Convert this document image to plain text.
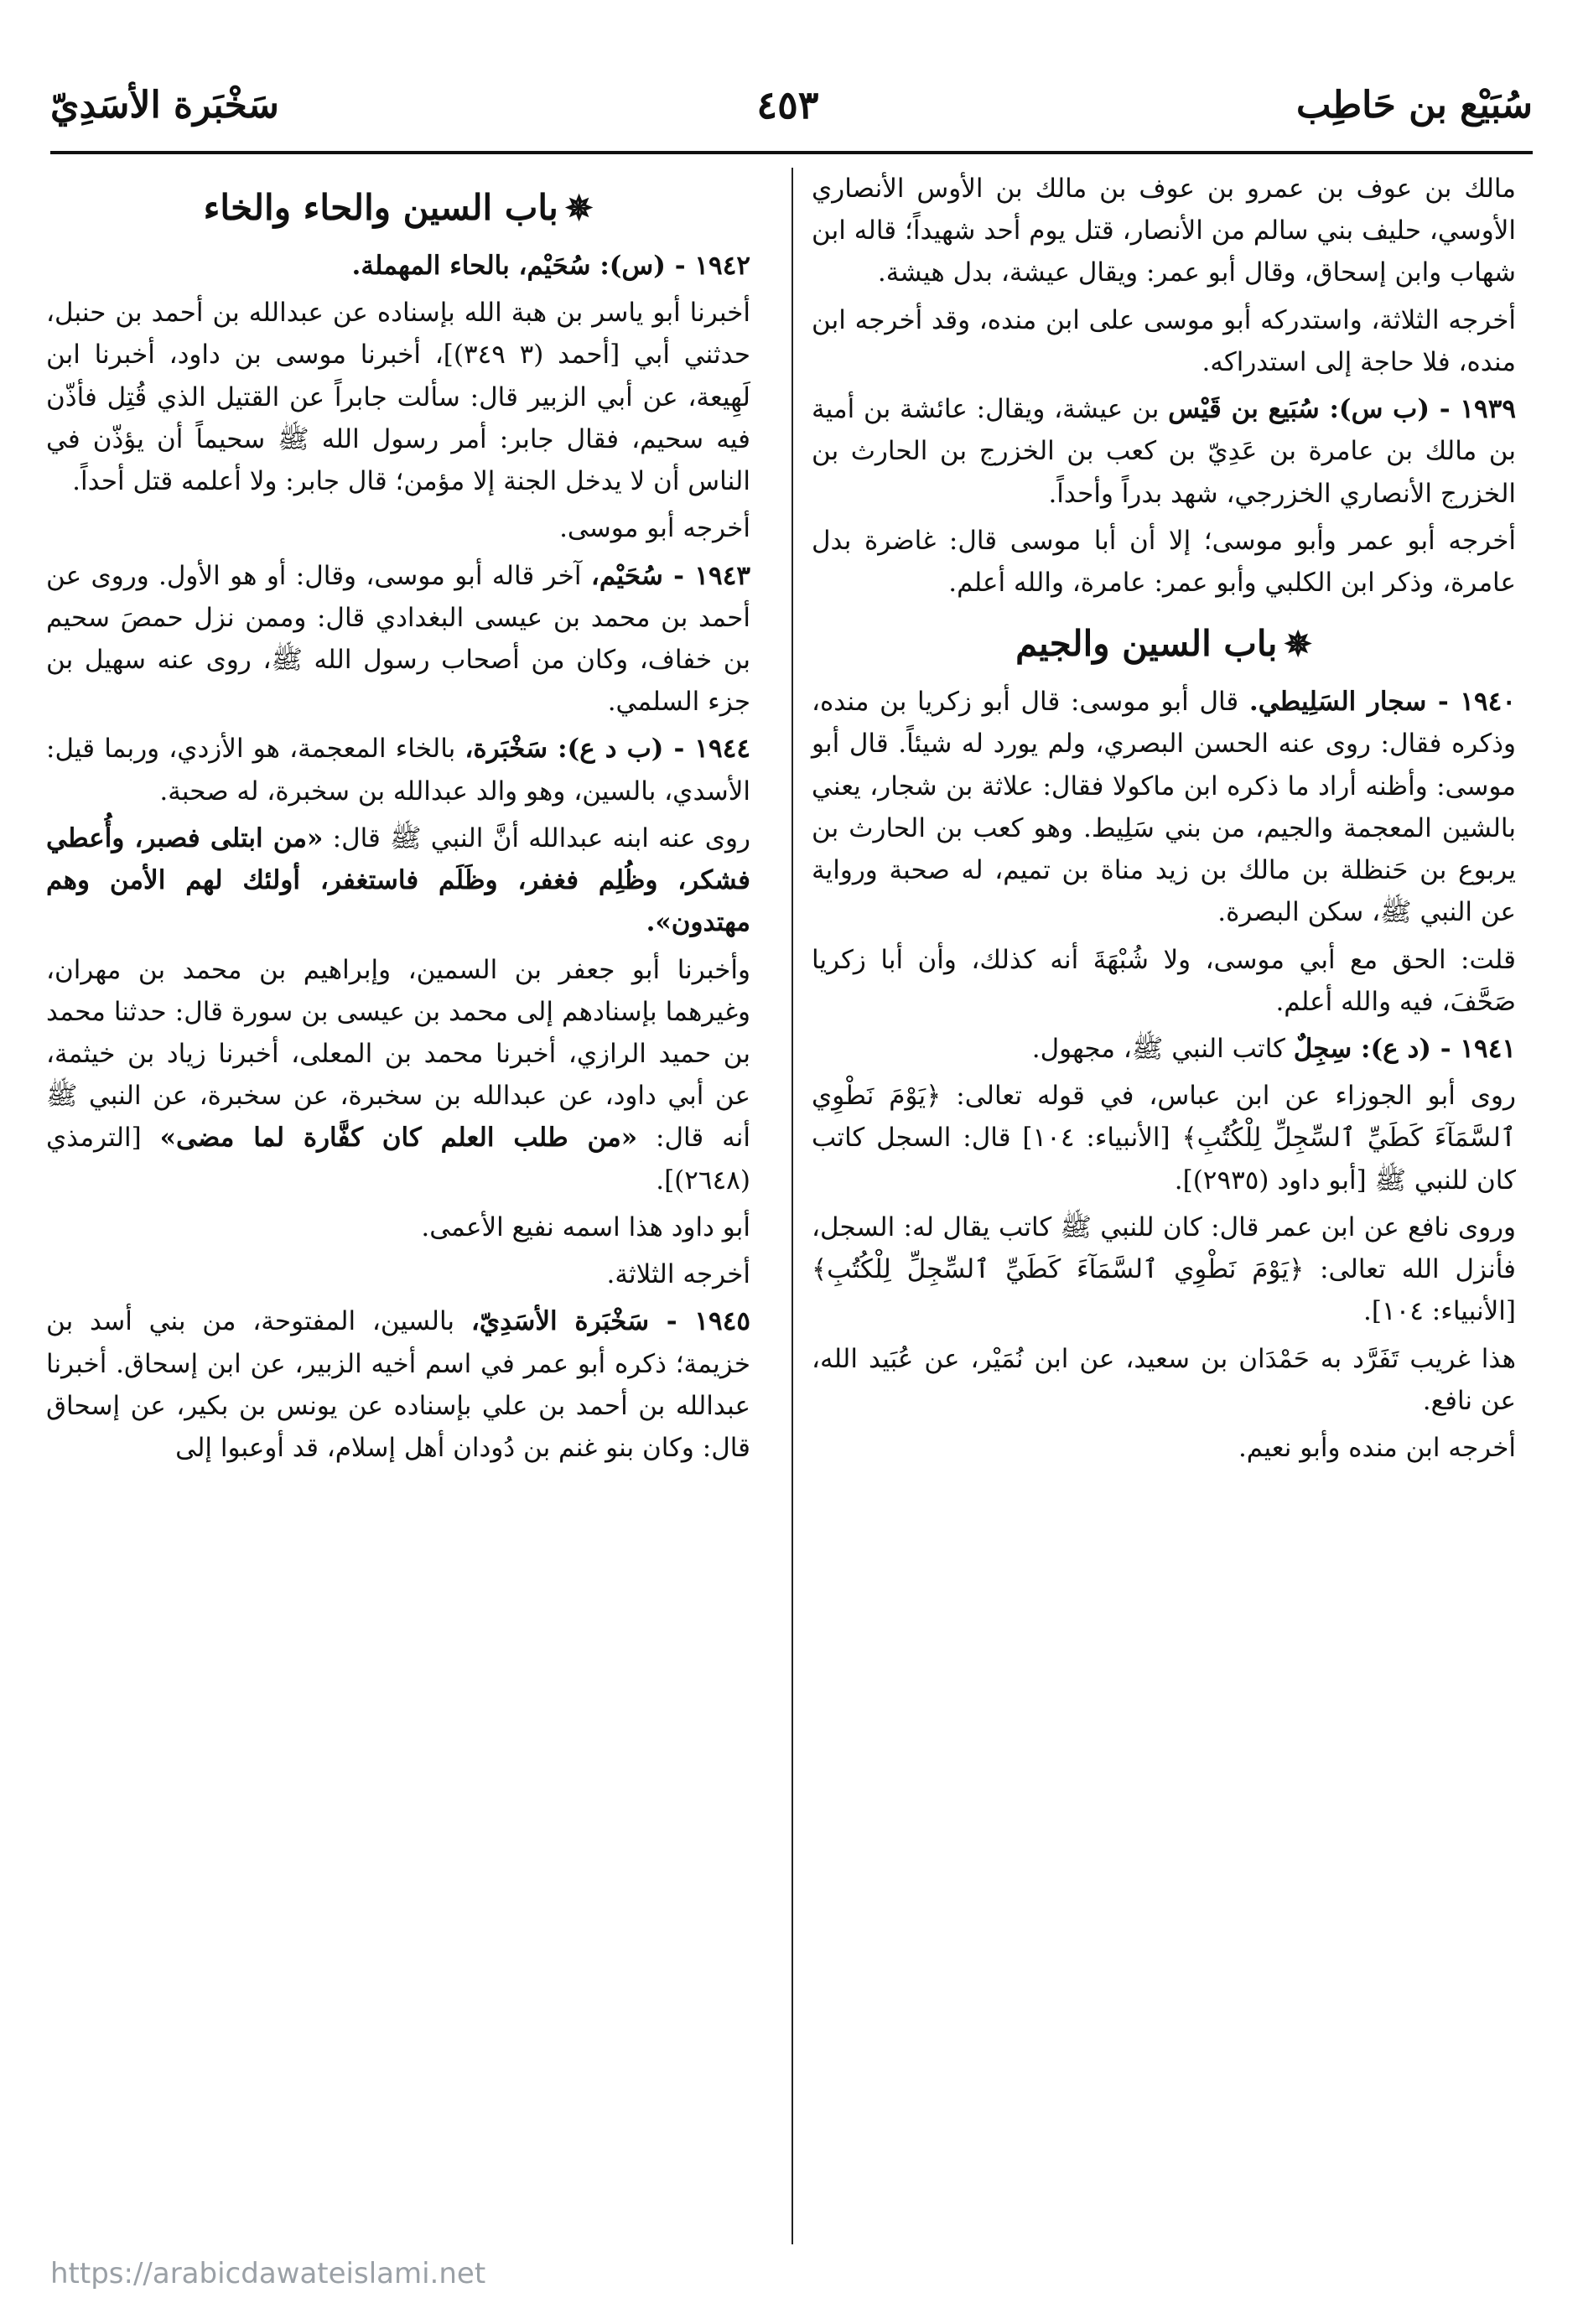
سُبَيْع بن حَاطِب
٤٥٣
سَخْبَرة الأسَدِيّ

مالك بن عوف بن عمرو بن عوف بن مالك بن الأوس الأنصاري الأوسي، حليف بني سالم من الأنصار، قتل يوم أحد شهيداً؛ قاله ابن شهاب وابن إسحاق، وقال أبو عمر: ويقال عيشة، بدل هيشة.

أخرجه الثلاثة، واستدركه أبو موسى على ابن منده، وقد أخرجه ابن منده، فلا حاجة إلى استدراكه.

١٩٣٩ - (ب س): سُبَيع بن قَيْس بن عيشة، ويقال: عائشة بن أمية بن مالك بن عامرة بن عَدِيّ بن كعب بن الخزرج بن الحارث بن الخزرج الأنصاري الخزرجي، شهد بدراً وأحداً.

أخرجه أبو عمر وأبو موسى؛ إلا أن أبا موسى قال: غاضرة بدل عامرة، وذكر ابن الكلبي وأبو عمر: عامرة، والله أعلم.

✵باب السين والجيم

١٩٤٠ - سجار السَلِيطي. قال أبو موسى: قال أبو زكريا بن منده، وذكره فقال: روى عنه الحسن البصري، ولم يورد له شيئاً. قال أبو موسى: وأظنه أراد ما ذكره ابن ماكولا فقال: علاثة بن شجار، يعني بالشين المعجمة والجيم، من بني سَلِيط. وهو كعب بن الحارث بن يربوع بن حَنظلة بن مالك بن زيد مناة بن تميم، له صحبة ورواية عن النبي ﷺ، سكن البصرة.

قلت: الحق مع أبي موسى، ولا شُبْهَةَ أنه كذلك، وأن أبا زكريا صَحَّفَ، فيه والله أعلم.

١٩٤١ - (د ع): سِجِلٌ كاتب النبي ﷺ، مجهول.

روى أبو الجوزاء عن ابن عباس، في قوله تعالى: ﴿يَوْمَ نَطْوِي ٱلسَّمَآءَ كَطَيِّ ٱلسِّجِلِّ لِلْكُتُبِ﴾ [الأنبياء: ١٠٤] قال: السجل كاتب كان للنبي ﷺ [أبو داود (٢٩٣٥)].

وروى نافع عن ابن عمر قال: كان للنبي ﷺ كاتب يقال له: السجل، فأنزل الله تعالى: ﴿يَوْمَ نَطْوِي ٱلسَّمَآءَ كَطَيِّ ٱلسِّجِلِّ لِلْكُتُبِ﴾ [الأنبياء: ١٠٤].

هذا غريب تَفَرَّد به حَمْدَان بن سعيد، عن ابن نُمَيْر، عن عُبَيد الله، عن نافع.

أخرجه ابن منده وأبو نعيم.

✵باب السين والحاء والخاء

١٩٤٢ - (س): سُحَيْم، بالحاء المهملة.

أخبرنا أبو ياسر بن هبة الله بإسناده عن عبدالله بن أحمد بن حنبل، حدثني أبي [أحمد (٣ ٣٤٩)]، أخبرنا موسى بن داود، أخبرنا ابن لَهِيعة، عن أبي الزبير قال: سألت جابراً عن القتيل الذي قُتِل فأذّن فيه سحيم، فقال جابر: أمر رسول الله ﷺ سحيماً أن يؤذّن في الناس أن لا يدخل الجنة إلا مؤمن؛ قال جابر: ولا أعلمه قتل أحداً.

أخرجه أبو موسى.

١٩٤٣ - سُحَيْم، آخر قاله أبو موسى، وقال: أو هو الأول. وروى عن أحمد بن محمد بن عيسى البغدادي قال: وممن نزل حمصَ سحيم بن خفاف، وكان من أصحاب رسول الله ﷺ، روى عنه سهيل بن جزء السلمي.

١٩٤٤ - (ب د ع): سَخْبَرة، بالخاء المعجمة، هو الأزدي، وربما قيل: الأسدي، بالسين، وهو والد عبدالله بن سخبرة، له صحبة.

روى عنه ابنه عبدالله أنَّ النبي ﷺ قال: «من ابتلى فصبر، وأُعطي فشكر، وظُلِم فغفر، وظَلَم فاستغفر، أولئك لهم الأمن وهم مهتدون».

وأخبرنا أبو جعفر بن السمين، وإبراهيم بن محمد بن مهران، وغيرهما بإسنادهم إلى محمد بن عيسى بن سورة قال: حدثنا محمد بن حميد الرازي، أخبرنا محمد بن المعلى، أخبرنا زياد بن خيثمة، عن أبي داود، عن عبدالله بن سخبرة، عن سخبرة، عن النبي ﷺ أنه قال: «من طلب العلم كان كفَّارة لما مضى» [الترمذي (٢٦٤٨)].

أبو داود هذا اسمه نفيع الأعمى.

أخرجه الثلاثة.

١٩٤٥ - سَخْبَرة الأسَدِيّ، بالسين، المفتوحة، من بني أسد بن خزيمة؛ ذكره أبو عمر في اسم أخيه الزبير، عن ابن إسحاق. أخبرنا عبدالله بن أحمد بن علي بإسناده عن يونس بن بكير، عن إسحاق قال: وكان بنو غنم بن دُودان أهل إسلام، قد أوعبوا إلى

https://arabicdawateislami.net
